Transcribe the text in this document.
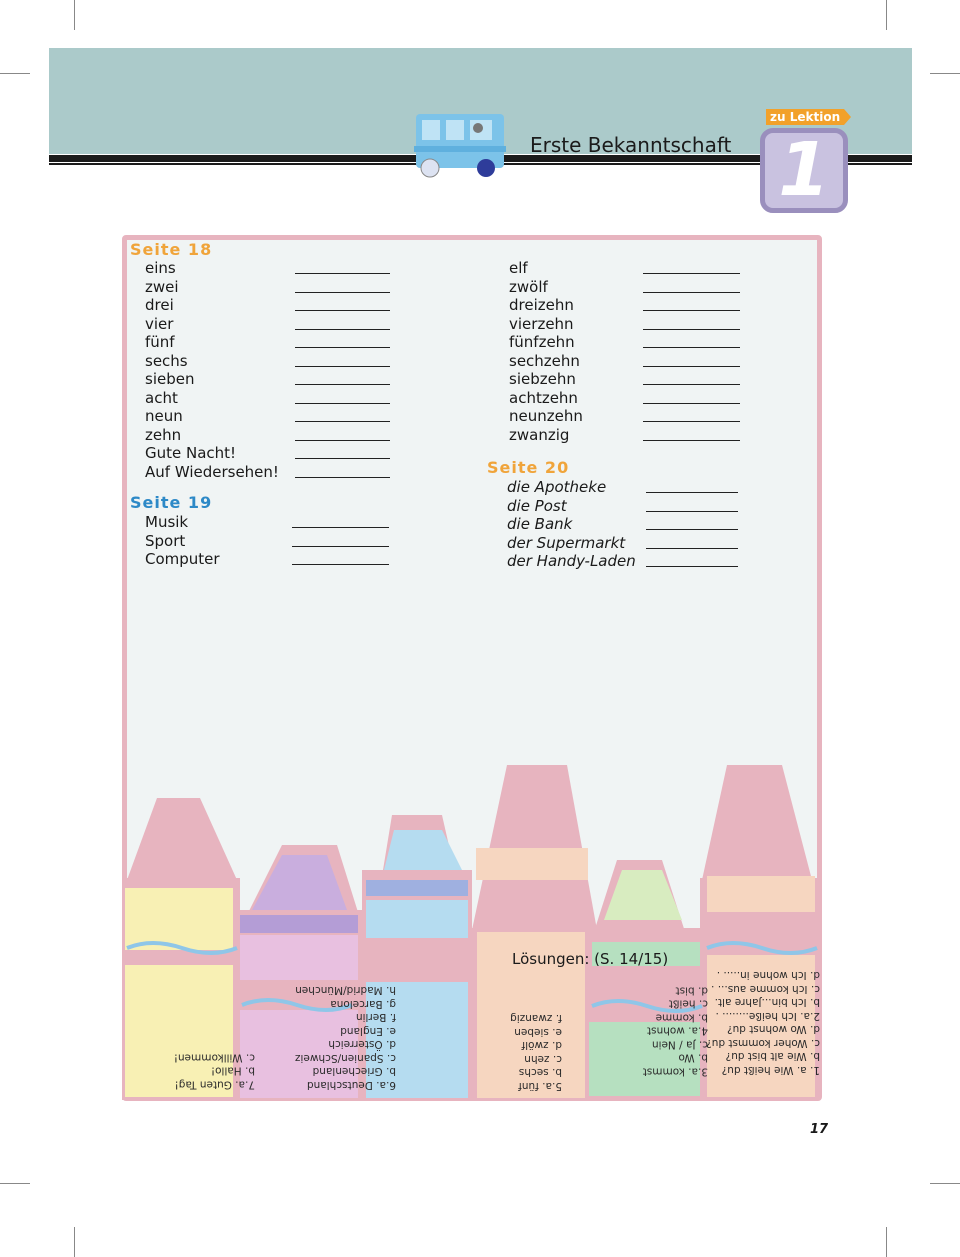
Erste Bekanntschaft
zu Lektion
1
Seite 18
eins
zwei
drei
vier
fünf
sechs
sieben
acht
neun
zehn
Gute Nacht!
Auf Wiedersehen!
elf
zwölf
dreizehn
vierzehn
fünfzehn
sechzehn
siebzehn
achtzehn
neunzehn
zwanzig
Seite 19
Musik
Sport
Computer
Seite 20
die Apotheke
die Post
die Bank
der Supermarkt
der Handy-Laden
Lösungen: (S. 14/15)
1. a. Wie heißt du?
b. Wie alt bist du?
c. Woher kommst du?
d. Wo wohnst du?
2.a. Ich heiße........ .
b. Ich bin...Jahre alt.
c. Ich komme aus... .
d. Ich wohne in..... .
3.a. kommst
b. Wo
c. Ja / Nein
4.a. wohnst
b. komme
c. heißt
d. bist
5.a. fünf
b. sechs
c. zehn
d. zwölf
e. sieben
f. zwanzig
6.a. Deutschland
b. Griechenland
c. Spanien/Schweiz
d. Österreich
e. England
f. Berlin
g. Barcelona
h. Madrid/München
7.a. Guten Tag!
b. Hallo!
c. Willkommen!
17
